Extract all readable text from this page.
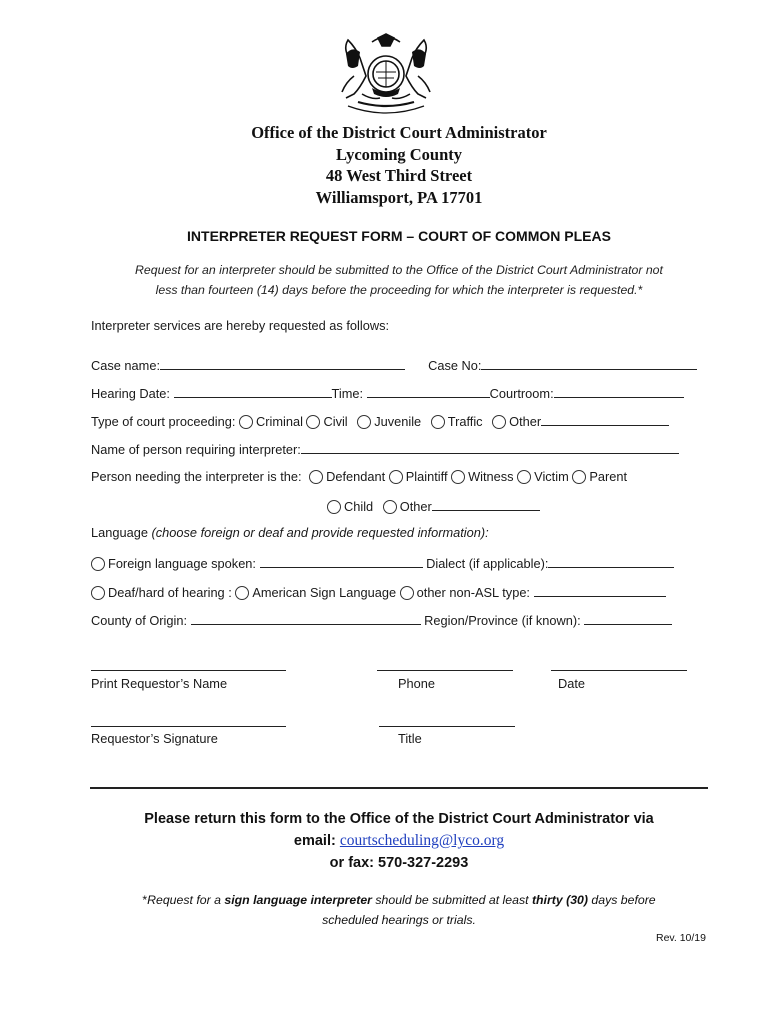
Office of the District Court Administrator
Lycoming County
48 West Third Street
Williamsport, PA 17701
INTERPRETER REQUEST FORM – COURT OF COMMON PLEAS
Request for an interpreter should be submitted to the Office of the District Court Administrator not
less than fourteen (14) days before the proceeding for which the interpreter is requested.*
Interpreter services are hereby requested as follows:
Case name:	Case No:
Hearing Date:	Time:	Courtroom:
Type of court proceeding: Criminal Civil Juvenile Traffic Other
Name of person requiring interpreter:
Person needing the interpreter is the: Defendant Plaintiff Witness Victim Parent
Child Other
Language (choose foreign or deaf and provide requested information):
Foreign language spoken:	Dialect (if applicable):
Deaf/hard of hearing : American Sign Language other non-ASL type:
County of Origin:	Region/Province (if known):
Print Requestor’s Name	Phone	Date
Requestor’s Signature	Title
Please return this form to the Office of the District Court Administrator via
email: courtscheduling@lyco.org
or fax: 570-327-2293
*Request for a sign language interpreter should be submitted at least thirty (30) days before
scheduled hearings or trials.
Rev. 10/19
